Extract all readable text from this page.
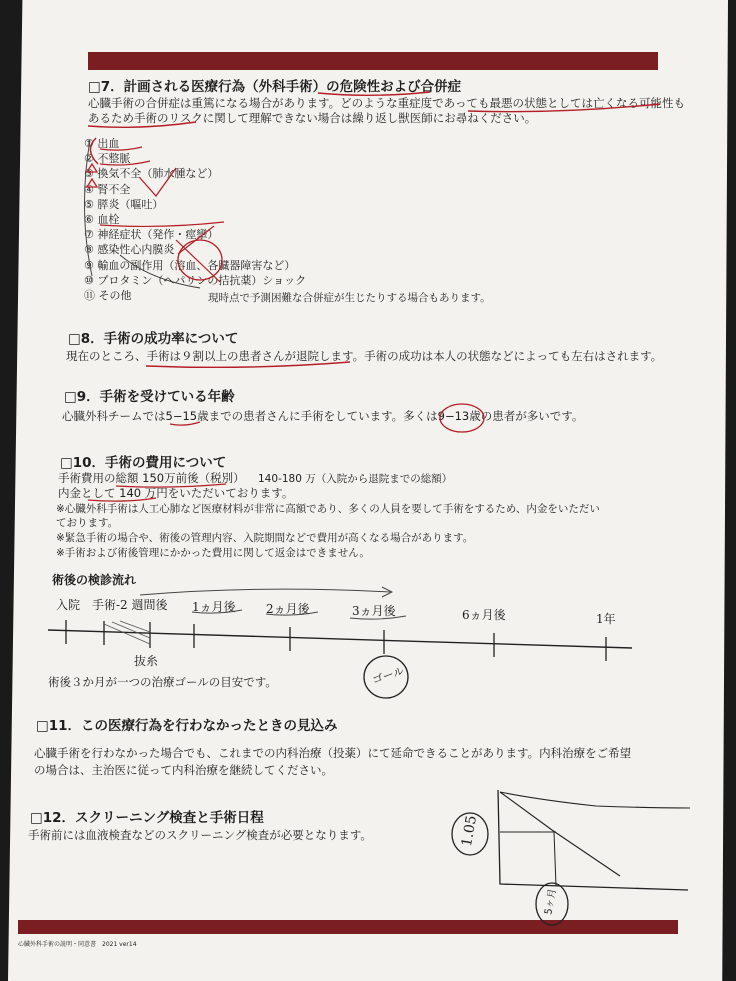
□7．計画される医療行為（外科手術）の危険性および合併症
心臓手術の合併症は重篤になる場合があります。どのような重症度であっても最悪の状態としては亡くなる可能性も
あるため手術のリスクに関して理解できない場合は繰り返し獣医師にお尋ねください。
① 出血
② 不整脈
③ 換気不全（肺水腫など）
④ 腎不全
⑤ 膵炎（嘔吐）
⑥ 血栓
⑦ 神経症状（発作・痙攣）
⑧ 感染性心内膜炎
⑨ 輸血の副作用（溶血、各臓器障害など）
⑩ プロタミン（ヘパリンの拮抗薬）ショック
⑪ その他	現時点で予測困難な合併症が生じたりする場合もあります。
□8．手術の成功率について
現在のところ、手術は９割以上の患者さんが退院します。手術の成功は本人の状態などによっても左右はされます。
□9．手術を受けている年齢
心臓外科チームでは5−15歳までの患者さんに手術をしています。多くは9−13歳の患者が多いです。
□10．手術の費用について
手術費用の総額 150万前後（税別） 140-180 万（入院から退院までの総額）
内金として 140 万円をいただいております。
※心臓外科手術は人工心肺など医療材料が非常に高額であり、多くの人員を要して手術をするため、内金をいただい
ております。
※緊急手術の場合や、術後の管理内容、入院期間などで費用が高くなる場合があります。
※手術および術後管理にかかった費用に関して返金はできません。
術後の検診流れ
入院 手術-2 週間後 1ヵ月後	2ヵ月後	3ヵ月後	6ヵ月後	1年
抜糸
術後３か月が一つの治療ゴールの目安です。
□11．この医療行為を行わなかったときの見込み
心臓手術を行わなかった場合でも、これまでの内科治療（投薬）にて延命できることがあります。内科治療をご希望
の場合は、主治医に従って内科治療を継続してください。
□12．スクリーニング検査と手術日程
手術前には血液検査などのスクリーニング検査が必要となります。
心臓外科手術の説明・同意書　2021 ver14
ゴール
1.05
5ヶ月
